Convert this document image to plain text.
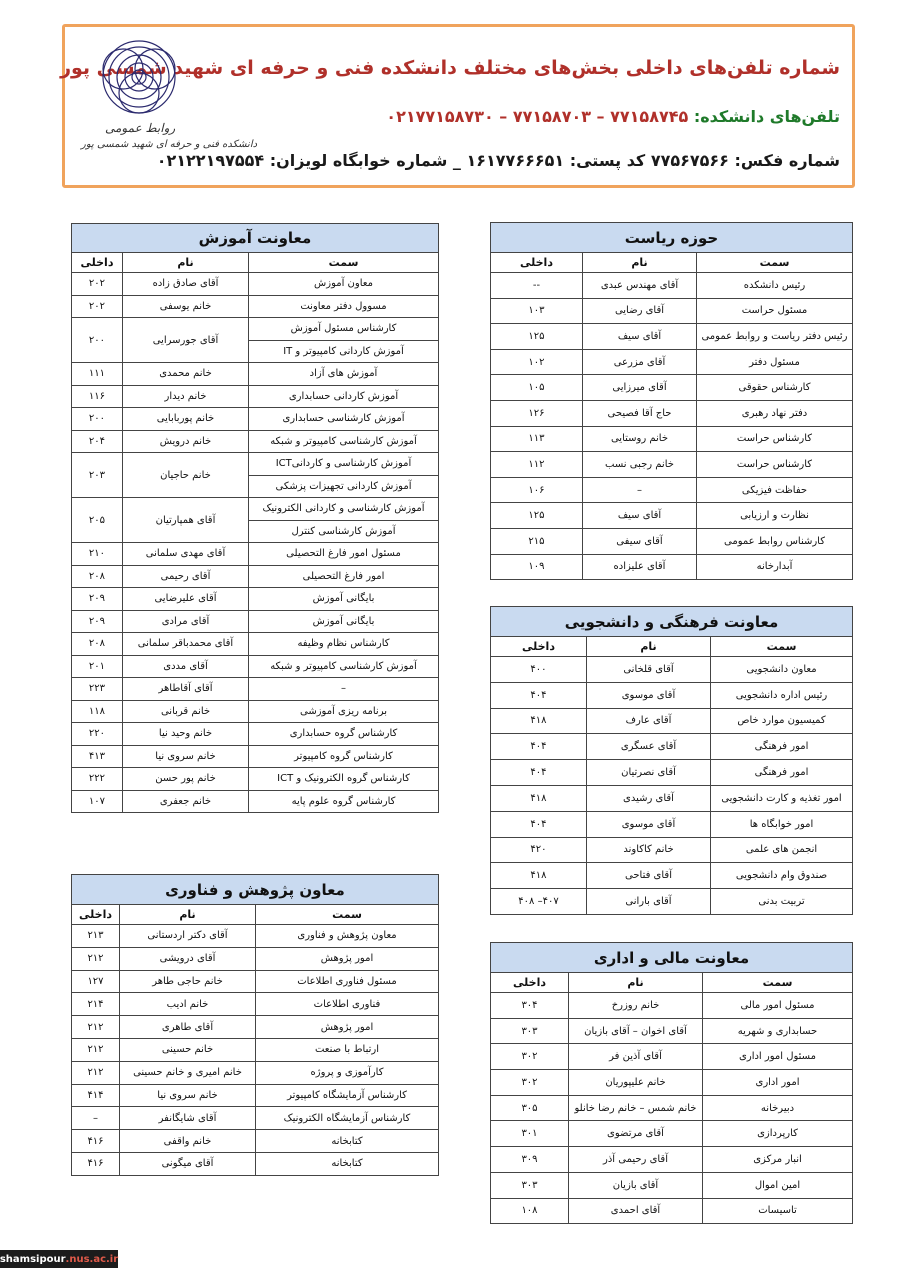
شماره تلفن‌های داخلی بخش‌های مختلف دانشکده فنی و حرفه ای شهید شمسی پور
تلفن‌های دانشکده: ۷۷۱۵۸۷۴۵ – ۷۷۱۵۸۷۰۳ – ۰۲۱۷۷۱۵۸۷۳۰
شماره فکس: ۷۷۵۶۷۵۶۶ کد پستی: ۱۶۱۷۷۶۶۶۵۱ _ شماره خوابگاه لویزان: ۰۲۱۲۲۱۹۷۵۵۴
روابط عمومی
دانشکده فنی و حرفه ای شهید شمسی پور
حوزه ریاست		
سمت	نام	داخلی
رئیس دانشکده	آقای مهندس عبدی	--
مسئول حراست	آقای رضایی	۱۰۳
رئیس دفتر ریاست و روابط عمومی	آقای سیف	۱۲۵
مسئول دفتر	آقای مزرعی	۱۰۲
کارشناس حقوقی	آقای میرزایی	۱۰۵
دفتر نهاد رهبری	حاج آقا فصیحی	۱۲۶
کارشناس حراست	خانم روستایی	۱۱۳
کارشناس حراست	خانم رجبی نسب	۱۱۲
حفاظت فیزیکی	–	۱۰۶
نظارت و ارزیابی	آقای سیف	۱۲۵
کارشناس روابط عمومی	آقای سیفی	۲۱۵
آبدارخانه	آقای علیزاده	۱۰۹
معاونت فرهنگی و دانشجویی		
سمت	نام	داخلی
معاون دانشجویی	آقای قلخانی	۴۰۰
رئیس اداره دانشجویی	آقای موسوی	۴۰۴
کمیسیون موارد خاص	آقای عارف	۴۱۸
امور فرهنگی	آقای عسگری	۴۰۴
امور فرهنگی	آقای نصرتیان	۴۰۴
امور تغذیه و کارت دانشجویی	آقای رشیدی	۴۱۸
امور خوابگاه ها	آقای موسوی	۴۰۴
انجمن های علمی	خانم کاکاوند	۴۲۰
صندوق وام دانشجویی	آقای فتاحی	۴۱۸
تربیت بدنی	آقای بارانی	۴۰۷– ۴۰۸
معاونت مالی و اداری		
سمت	نام	داخلی
مسئول امور مالی	خانم روزرخ	۳۰۴
حسابداری و شهریه	آقای اخوان – آقای بازیان	۳۰۳
مسئول امور اداری	آقای آذین فر	۳۰۲
امور اداری	خانم علیپوریان	۳۰۲
دبیرخانه	خانم شمس – خانم رضا خانلو	۳۰۵
کارپردازی	آقای مرتضوی	۳۰۱
انبار مرکزی	آقای رحیمی آذر	۳۰۹
امین اموال	آقای بازیان	۳۰۳
تاسیسات	آقای احمدی	۱۰۸
معاونت آموزش		
سمت	نام	داخلی
معاون آموزش	آقای صادق زاده	۲۰۲
مسوول دفتر معاونت	خانم یوسفی	۲۰۲
کارشناس مسئول آموزش	آقای جورسرایی	۲۰۰
آموزش کاردانی کامپیوتر و IT		
آموزش های آزاد	خانم محمدی	۱۱۱
آموزش کاردانی حسابداری	خانم دیدار	۱۱۶
آموزش کارشناسی حسابداری	خانم پوربابایی	۲۰۰
آموزش کارشناسی کامپیوتر و شبکه	خانم درویش	۲۰۴
آموزش کارشناسی و کاردانیICT	خانم حاجیان	۲۰۳
آموزش کاردانی تجهیزات پزشکی		
آموزش کارشناسی و کاردانی الکترونیک	آقای همپارتیان	۲۰۵
آموزش کارشناسی کنترل		
مسئول امور فارغ التحصیلی	آقای مهدی سلمانی	۲۱۰
امور فارغ التحصیلی	آقای رحیمی	۲۰۸
بایگانی آموزش	آقای علیرضایی	۲۰۹
بایگانی آموزش	آقای مرادی	۲۰۹
کارشناس نظام وظیفه	آقای محمدباقر سلمانی	۲۰۸
آموزش کارشناسی کامپیوتر و شبکه	آقای مددی	۲۰۱
–	آقای آقاطاهر	۲۲۳
برنامه ریزی آموزشی	خانم قربانی	۱۱۸
کارشناس گروه حسابداری	خانم وحید نیا	۲۲۰
کارشناس گروه کامپیوتر	خانم سروی نیا	۴۱۳
کارشناس گروه الکترونیک و ICT	خانم پور حسن	۲۲۲
کارشناس گروه علوم پایه	خانم جعفری	۱۰۷
معاون پژوهش و فناوری		
سمت	نام	داخلی
معاون پژوهش و فناوری	آقای دکتر اردستانی	۲۱۳
امور پژوهش	آقای درویشی	۲۱۲
مسئول فناوری اطلاعات	خانم حاجی طاهر	۱۲۷
فناوری اطلاعات	خانم ادیب	۲۱۴
امور پژوهش	آقای طاهری	۲۱۲
ارتباط با صنعت	خانم حسینی	۲۱۲
کارآموزی و پروژه	خانم امیری و خانم حسینی	۲۱۲
کارشناس آزمایشگاه کامپیوتر	خانم سروی نیا	۴۱۴
کارشناس آزمایشگاه الکترونیک	آقای شایگانفر	–
کتابخانه	خانم واقفی	۴۱۶
کتابخانه	آقای میگونی	۴۱۶
shamsipour .nus.ac.ir
